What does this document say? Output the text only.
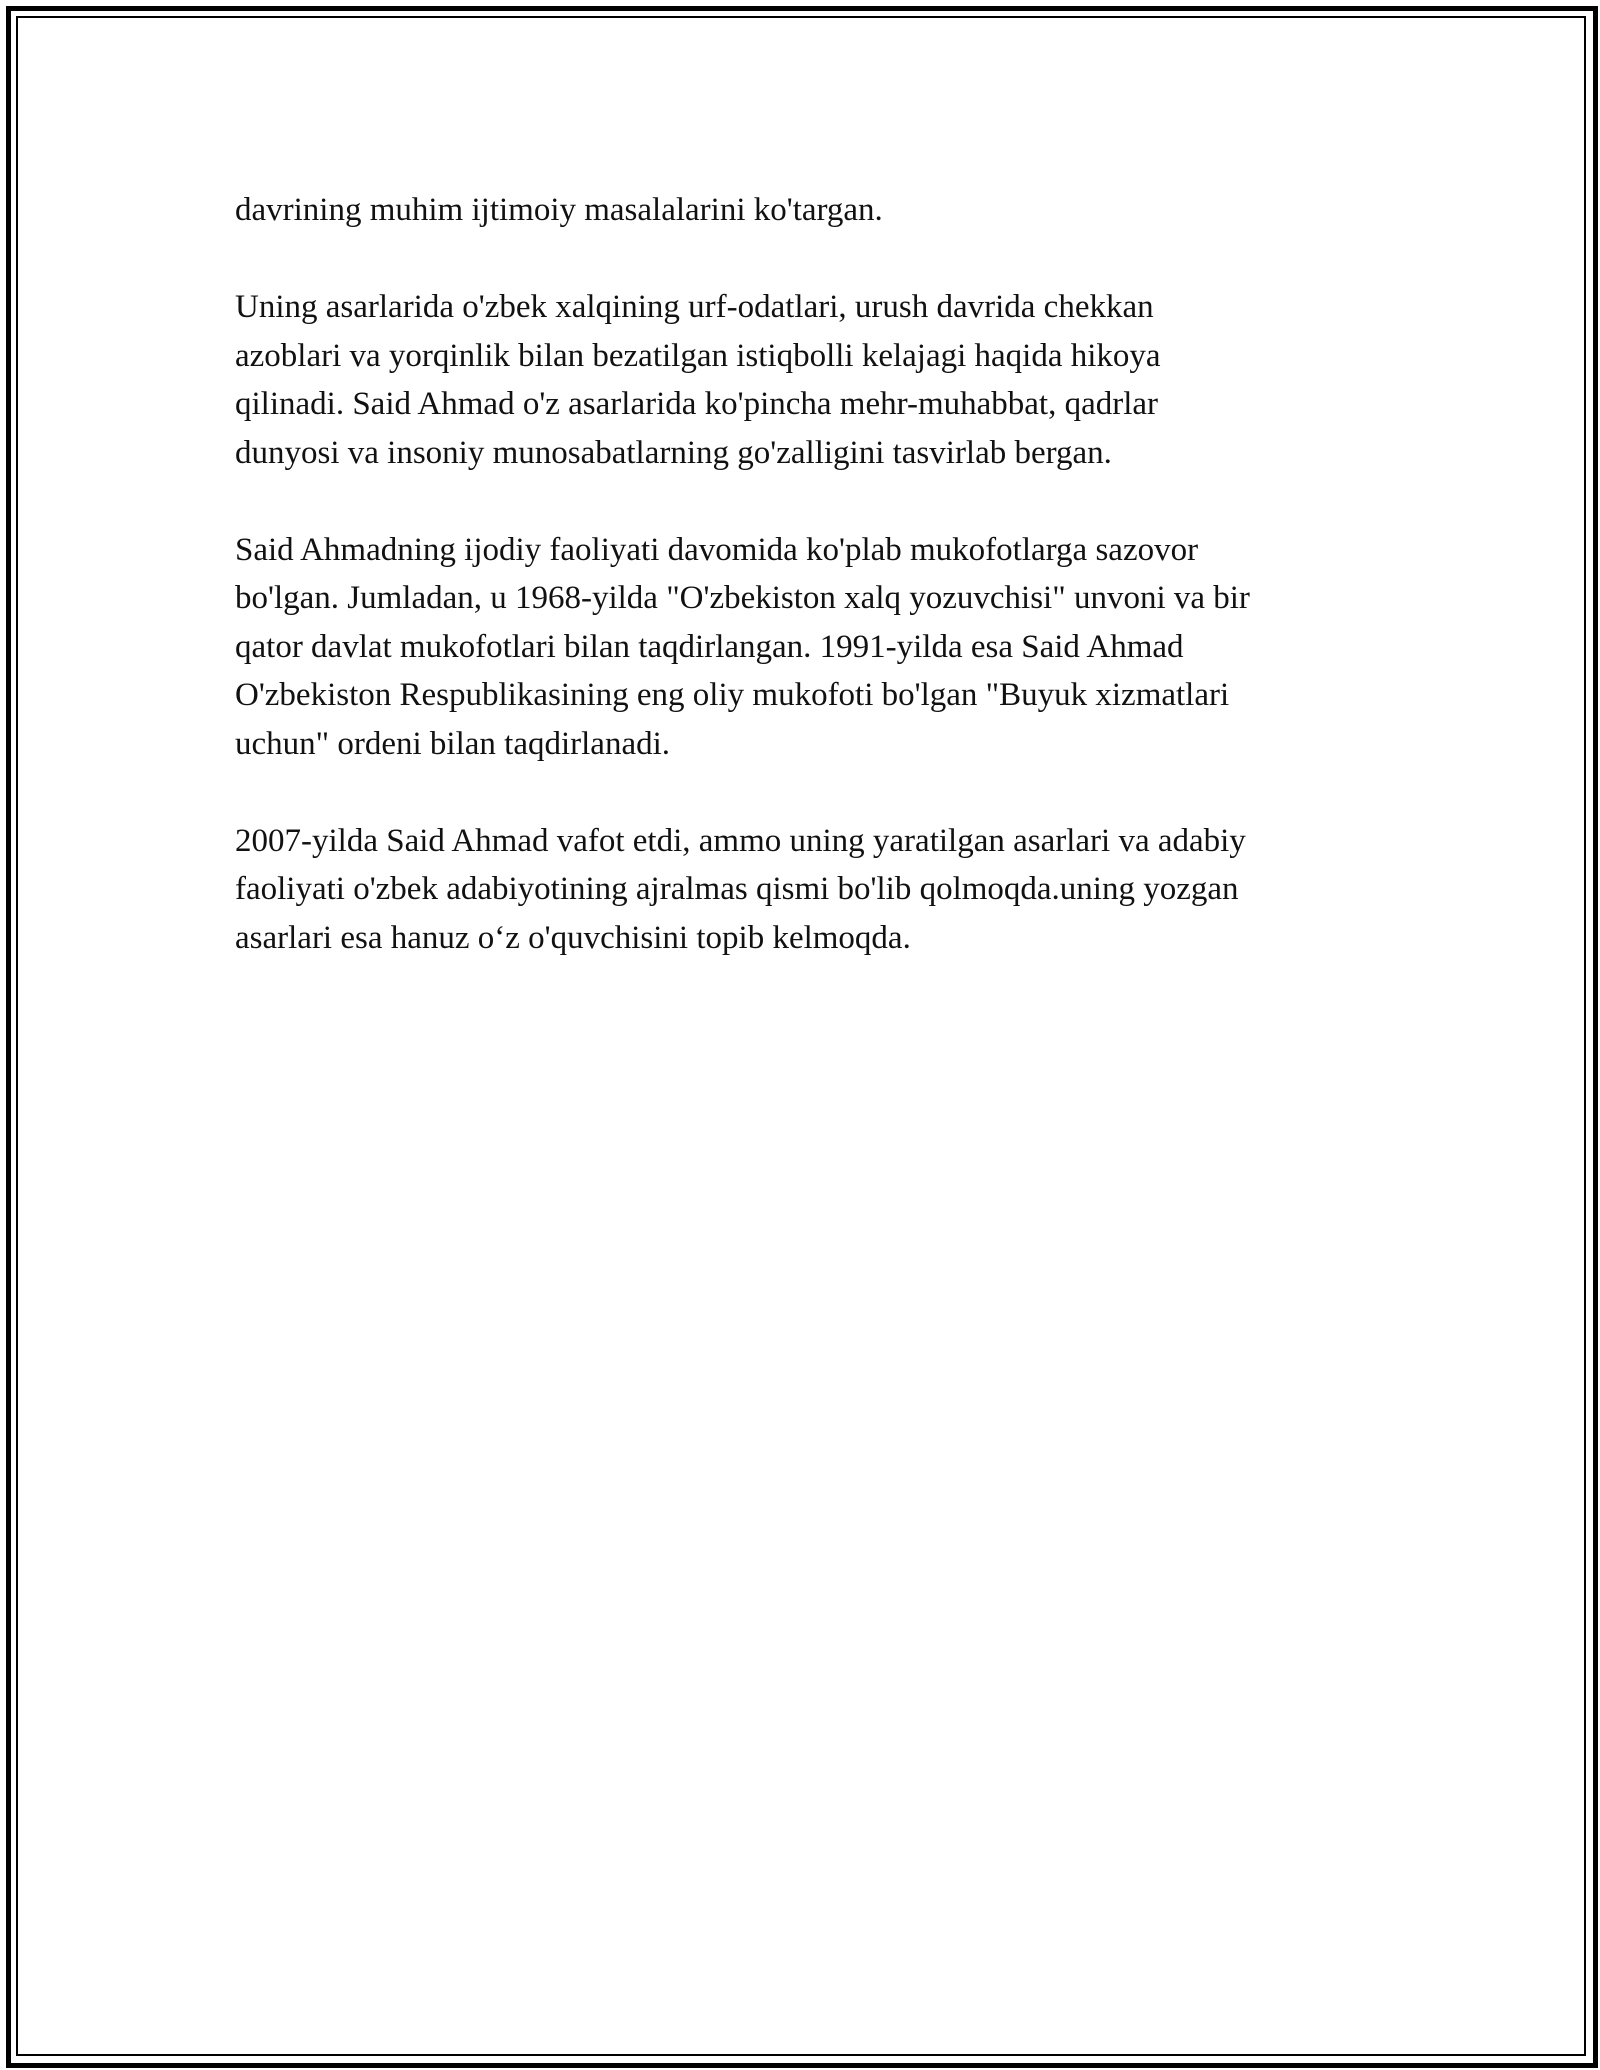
davrining muhim ijtimoiy masalalarini ko'targan.

Uning asarlarida o'zbek xalqining urf-odatlari, urush davrida chekkan
azoblari va yorqinlik bilan bezatilgan istiqbolli kelajagi haqida hikoya
qilinadi. Said Ahmad o'z asarlarida ko'pincha mehr-muhabbat, qadrlar
dunyosi va insoniy munosabatlarning go'zalligini tasvirlab bergan.

Said Ahmadning ijodiy faoliyati davomida ko'plab mukofotlarga sazovor
bo'lgan. Jumladan, u 1968-yilda "O'zbekiston xalq yozuvchisi" unvoni va bir
qator davlat mukofotlari bilan taqdirlangan. 1991-yilda esa Said Ahmad
O'zbekiston Respublikasining eng oliy mukofoti bo'lgan "Buyuk xizmatlari
uchun" ordeni bilan taqdirlanadi.

2007-yilda Said Ahmad vafot etdi, ammo uning yaratilgan asarlari va adabiy
faoliyati o'zbek adabiyotining ajralmas qismi bo'lib qolmoqda.uning yozgan
asarlari esa hanuz o‘z o'quvchisini topib kelmoqda.
